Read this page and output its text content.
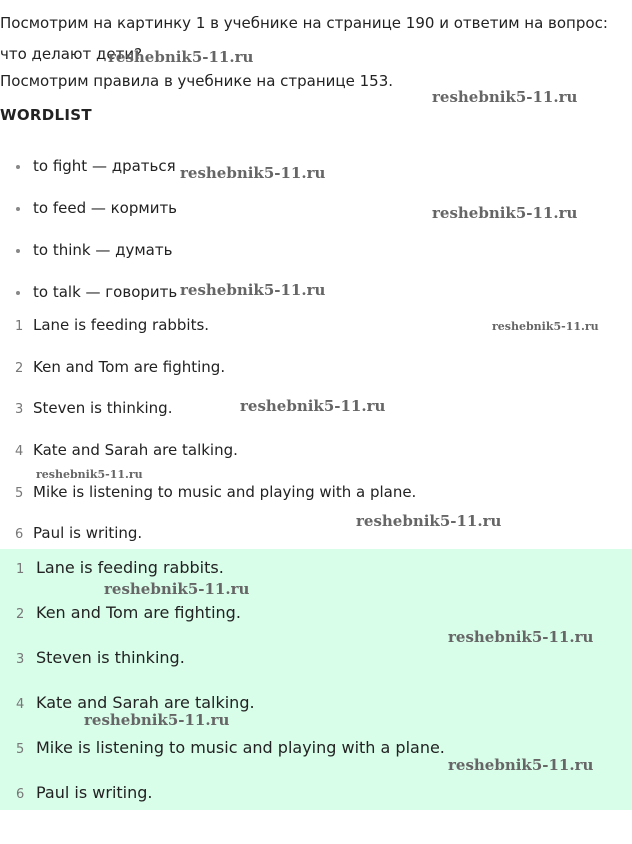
Посмотрим на картинку 1 в учебнике на странице 190 и ответим на вопрос: что делают дети?
Посмотрим правила в учебнике на странице 153.
WORDLIST
to fight — драться
to feed — кормить
to think — думать
to talk — говорить
1 Lane is feeding rabbits.
2 Ken and Tom are fighting.
3 Steven is thinking.
4 Kate and Sarah are talking.
5 Mike is listening to music and playing with a plane.
6 Paul is writing.
1 Lane is feeding rabbits.
2 Ken and Tom are fighting.
3 Steven is thinking.
4 Kate and Sarah are talking.
5 Mike is listening to music and playing with a plane.
6 Paul is writing.
reshebnik5-11.ru
reshebnik5-11.ru
reshebnik5-11.ru
reshebnik5-11.ru
reshebnik5-11.ru
reshebnik5-11.ru
reshebnik5-11.ru
reshebnik5-11.ru
reshebnik5-11.ru
reshebnik5-11.ru
reshebnik5-11.ru
reshebnik5-11.ru
reshebnik5-11.ru
